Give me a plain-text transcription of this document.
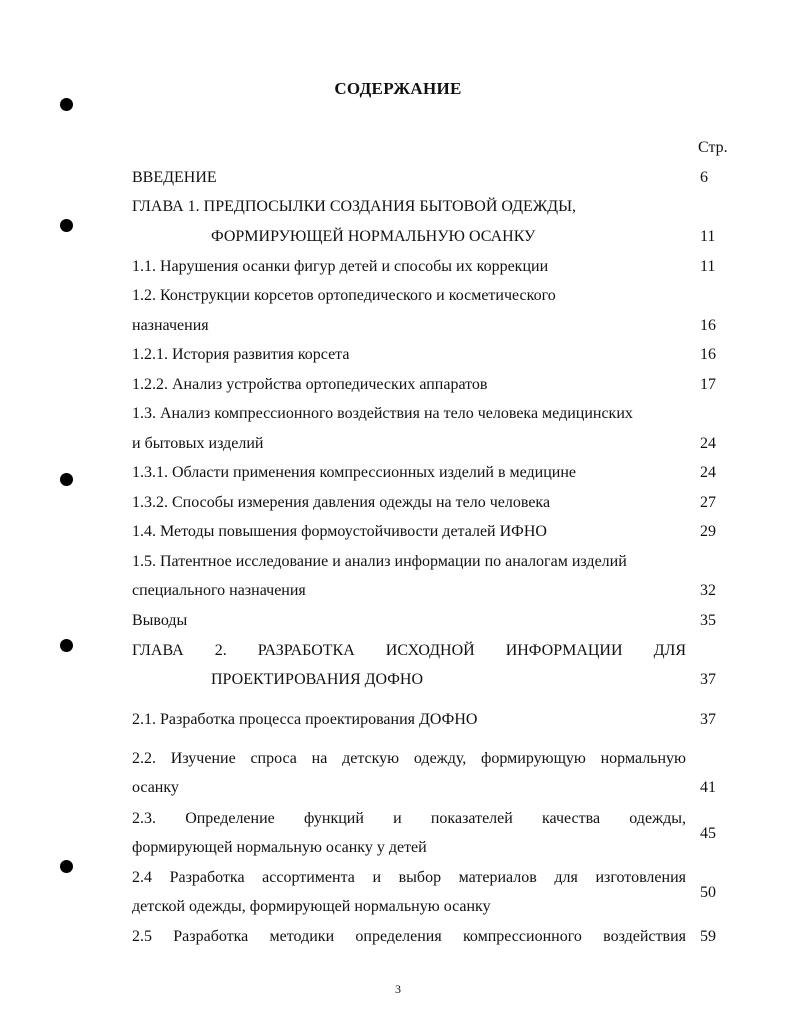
СОДЕРЖАНИЕ
Стр.
ВВЕДЕНИЕ
ГЛАВА 1. ПРЕДПОСЫЛКИ СОЗДАНИЯ БЫТОВОЙ ОДЕЖДЫ,
ФОРМИРУЮЩЕЙ НОРМАЛЬНУЮ ОСАНКУ
1.1. Нарушения осанки фигур детей и способы их коррекции
1.2. Конструкции корсетов ортопедического и косметического
назначения
1.2.1. История развития корсета
1.2.2. Анализ устройства ортопедических аппаратов
1.3. Анализ компрессионного воздействия на тело человека медицинских
и бытовых изделий
1.3.1. Области применения компрессионных изделий в медицине
1.3.2. Способы измерения давления одежды на тело человека
1.4. Методы повышения формоустойчивости деталей ИФНО
1.5. Патентное исследование и анализ информации по аналогам изделий
специального назначения
Выводы
ГЛАВА 2. РАЗРАБОТКА ИСХОДНОЙ ИНФОРМАЦИИ ДЛЯ
ПРОЕКТИРОВАНИЯ ДОФНО
2.1. Разработка процесса проектирования ДОФНО
2.2. Изучение спроса на детскую одежду, формирующую нормальную
осанку
2.3. Определение функций и показателей качества одежды,
формирующей нормальную осанку у детей
2.4 Разработка ассортимента и выбор материалов для изготовления
детской одежды, формирующей нормальную осанку
2.5 Разработка методики определения компрессионного воздействия
6
11
11
16
16
17
24
24
27
29
32
35
37
37
41
45
50
59
3
